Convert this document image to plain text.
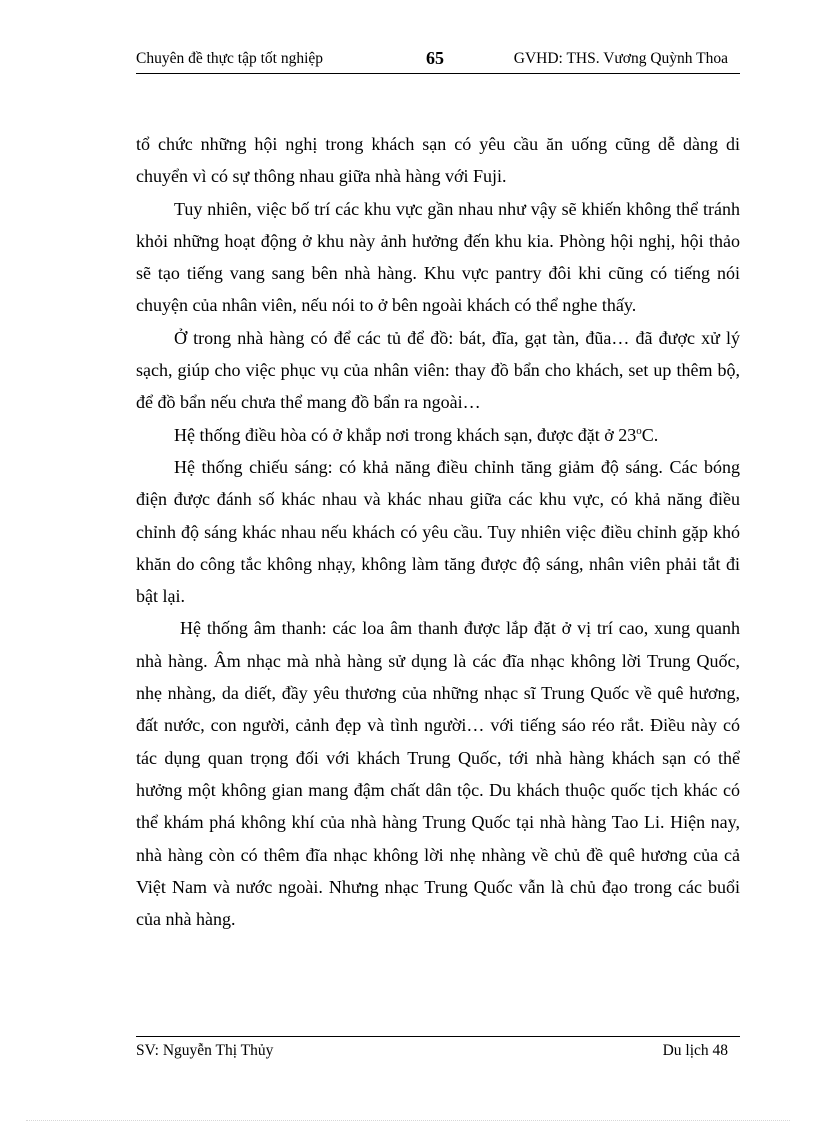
Chuyên đề thực tập tốt nghiệp	65	GVHD: THS. Vương Quỳnh Thoa

tổ chức những hội nghị trong khách sạn có yêu cầu ăn uống cũng dễ dàng di chuyển vì có sự thông nhau giữa nhà hàng với Fuji.

Tuy nhiên, việc bố trí các khu vực gần nhau như vậy sẽ khiến không thể tránh khỏi những hoạt động ở khu này ảnh hưởng đến khu kia. Phòng hội nghị, hội thảo sẽ tạo tiếng vang sang bên nhà hàng. Khu vực pantry đôi khi cũng có tiếng nói chuyện của nhân viên, nếu nói to ở bên ngoài khách có thể nghe thấy.

Ở trong nhà hàng có để các tủ để đồ: bát, đĩa, gạt tàn, đũa… đã được xử lý sạch, giúp cho việc phục vụ của nhân viên: thay đồ bẩn cho khách, set up thêm bộ, để đồ bẩn nếu chưa thể mang đồ bẩn ra ngoài…

Hệ thống điều hòa có ở khắp nơi trong khách sạn, được đặt ở 23$^o$C.

Hệ thống chiếu sáng: có khả năng điều chỉnh tăng giảm độ sáng. Các bóng điện được đánh số khác nhau và khác nhau giữa các khu vực, có khả năng điều chỉnh độ sáng khác nhau nếu khách có yêu cầu. Tuy nhiên việc điều chỉnh gặp khó khăn do công tắc không nhạy, không làm tăng được độ sáng, nhân viên phải tắt đi bật lại.

Hệ thống âm thanh: các loa âm thanh được lắp đặt ở vị trí cao, xung quanh nhà hàng. Âm nhạc mà nhà hàng sử dụng là các đĩa nhạc không lời Trung Quốc, nhẹ nhàng, da diết, đầy yêu thương của những nhạc sĩ Trung Quốc về quê hương, đất nước, con người, cảnh đẹp và tình người… với tiếng sáo réo rắt. Điều này có tác dụng quan trọng đối với khách Trung Quốc, tới nhà hàng khách sạn có thể hưởng một không gian mang đậm chất dân tộc. Du khách thuộc quốc tịch khác có thể khám phá không khí của nhà hàng Trung Quốc tại nhà hàng Tao Li. Hiện nay, nhà hàng còn có thêm đĩa nhạc không lời nhẹ nhàng về chủ đề quê hương của cả Việt Nam và nước ngoài. Nhưng nhạc Trung Quốc vẫn là chủ đạo trong các buổi của nhà hàng.

SV: Nguyễn Thị Thủy	Du lịch 48
